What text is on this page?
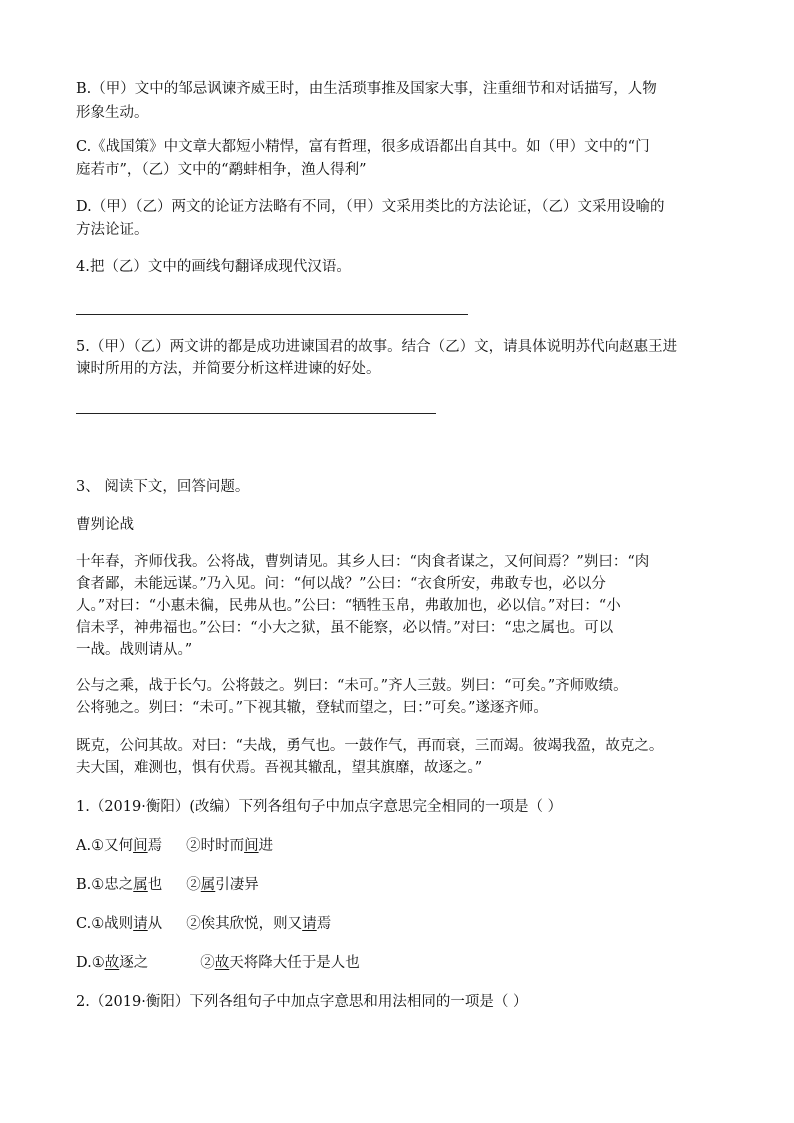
B.（甲）文中的邹忌讽谏齐威王时，由生活琐事推及国家大事，注重细节和对话描写，人物
形象生动。
C.《战国策》中文章大都短小精悍，富有哲理，很多成语都出自其中。如（甲）文中的“门
庭若市”，（乙）文中的“鹬蚌相争，渔人得利”
D.（甲）（乙）两文的论证方法略有不同，（甲）文采用类比的方法论证，（乙）文采用设喻的
方法论证。
4.把（乙）文中的画线句翻译成现代汉语。
5.（甲）（乙）两文讲的都是成功进谏国君的故事。结合（乙）文，请具体说明苏代向赵惠王进
谏时所用的方法，并简要分析这样进谏的好处。
3、 阅读下文，回答问题。
曹刿论战
十年春，齐师伐我。公将战，曹刿请见。其乡人曰：“肉食者谋之，又何间焉？”刿曰：“肉
食者鄙，未能远谋。”乃入见。问：“何以战？”公曰：“衣食所安，弗敢专也，必以分
人。”对曰：“小惠未徧，民弗从也。”公曰：“牺牲玉帛，弗敢加也，必以信。”对曰：“小
信未孚，神弗福也。”公曰：“小大之狱，虽不能察，必以情。”对曰：“忠之属也。可以
一战。战则请从。”
公与之乘，战于长勺。公将鼓之。刿曰：“未可。”齐人三鼓。刿曰：“可矣。”齐师败绩。
公将驰之。刿曰：“未可。”下视其辙，登轼而望之，曰：”可矣。”遂逐齐师。
既克，公问其故。对曰：“夫战，勇气也。一鼓作气，再而衰，三而竭。彼竭我盈，故克之。
夫大国，难测也，惧有伏焉。吾视其辙乱，望其旗靡，故逐之。”
1.（2019·衡阳）(改编）下列各组句子中加点字意思完全相同的一项是（ ）
A.①又何间焉 ②时时而间进
B.①忠之属也 ②属引凄异
C.①战则请从 ②俟其欣悦，则又请焉
D.①故逐之	②故天将降大任于是人也
2.（2019·衡阳）下列各组句子中加点字意思和用法相同的一项是（ ）
